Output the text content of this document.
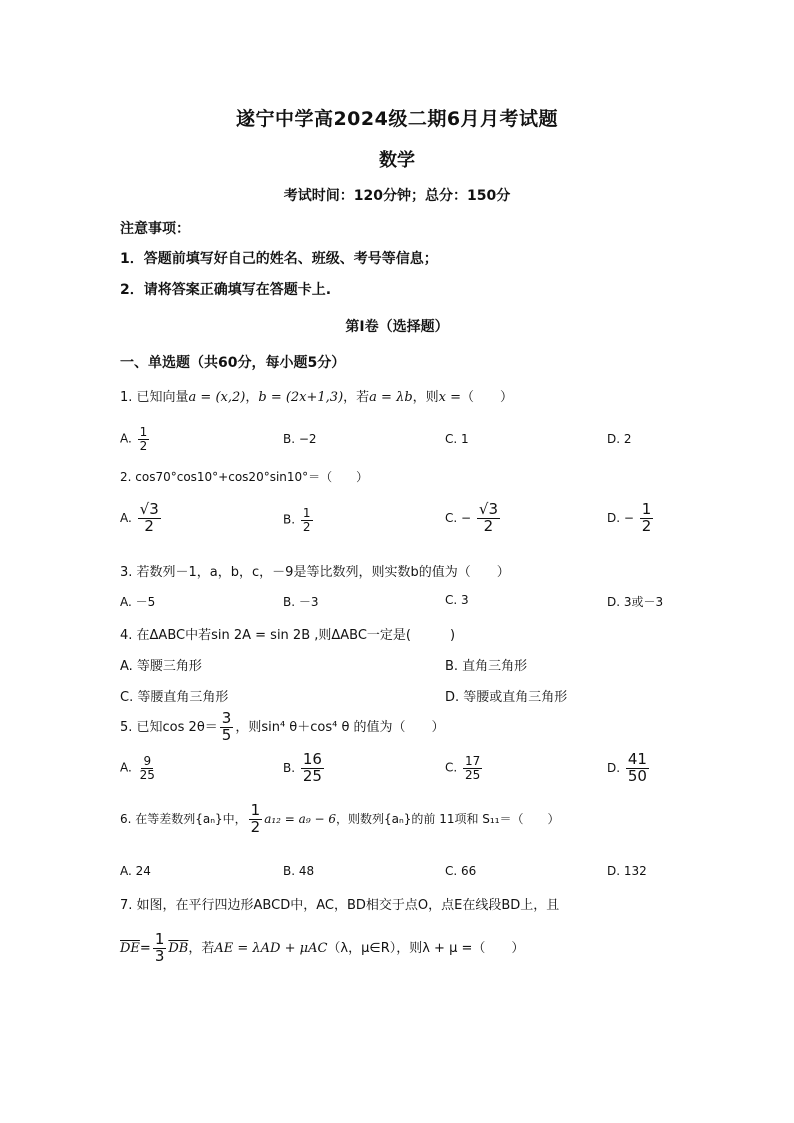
遂宁中学高2024级二期6月月考试题
数学
考试时间：120分钟；总分：150分
注意事项：
1．答题前填写好自己的姓名、班级、考号等信息；
2．请将答案正确填写在答题卡上.
第Ⅰ卷（选择题）
一、单选题（共60分，每小题5分）
1. 已知向量a = (x,2)，b = (2x+1,3)，若a = λb，则x =（　　）
A. $\frac{1}{2}$	B. −2	C. 1	D. 2
2. cos70°cos10°+cos20°sin10°＝（　　）
A. $\frac{√3}{2}$	B. $\frac{1}{2}$	C. − $\frac{√3}{2}$	D. − $\frac{1}{2}$
3. 若数列－1，a，b，c，－9是等比数列，则实数b的值为（　　）
A. －5	B. －3	C. 3	D. 3或－3
4. 在ΔABC中若sin 2A = sin 2B ,则ΔABC一定是(　　　)
A. 等腰三角形	B. 直角三角形
C. 等腰直角三角形	D. 等腰或直角三角形
5. 已知$\cos 2\theta= \frac{3}{5}$ ，则sin⁴ θ＋cos⁴ θ 的值为（　　）
A. $\frac{9}{25}$	B. $\frac{16}{25}$	C. $\frac{17}{25}$	D. $\frac{41}{50}$
6. 在等差数列{aₙ}中， $\frac{1}{2} a_{12} = a_9 - 6$，则数列{aₙ}的前 11项和 S₁₁＝（　　）
A. 24	B. 48	C. 66	D. 132
7. 如图，在平行四边形ABCD中，AC，BD相交于点O，点E在线段BD上，且
$\overline{DE}= \frac{1}{3} \overline{DB}$，若AE = λAD + μAC（λ，μ∈R），则λ + μ =（　　）
